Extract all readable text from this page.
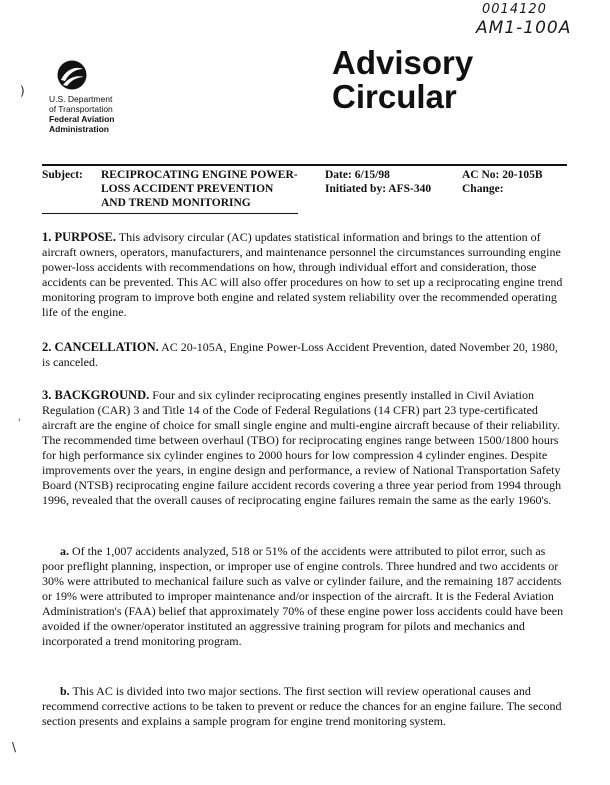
0014120
AM1-100A
)
'
\
U.S. Department
of Transportation
Federal Aviation
Administration
Advisory
Circular
Subject: RECIPROCATING ENGINE POWER-
LOSS ACCIDENT PREVENTION
AND TREND MONITORING
Date: 6/15/98
Initiated by: AFS-340
AC No: 20-105B
Change:
1. PURPOSE. This advisory circular (AC) updates statistical information and brings to the attention of aircraft owners, operators, manufacturers, and maintenance personnel the circumstances surrounding engine power-loss accidents with recommendations on how, through individual effort and consideration, those accidents can be prevented. This AC will also offer procedures on how to set up a reciprocating engine trend monitoring program to improve both engine and related system reliability over the recommended operating life of the engine.
2. CANCELLATION. AC 20-105A, Engine Power-Loss Accident Prevention, dated November 20, 1980, is canceled.
3. BACKGROUND. Four and six cylinder reciprocating engines presently installed in Civil Aviation Regulation (CAR) 3 and Title 14 of the Code of Federal Regulations (14 CFR) part 23 type-certificated aircraft are the engine of choice for small single engine and multi-engine aircraft because of their reliability. The recommended time between overhaul (TBO) for reciprocating engines range between 1500/1800 hours for high performance six cylinder engines to 2000 hours for low compression 4 cylinder engines. Despite improvements over the years, in engine design and performance, a review of National Transportation Safety Board (NTSB) reciprocating engine failure accident records covering a three year period from 1994 through 1996, revealed that the overall causes of reciprocating engine failures remain the same as the early 1960's.
a. Of the 1,007 accidents analyzed, 518 or 51% of the accidents were attributed to pilot error, such as poor preflight planning, inspection, or improper use of engine controls. Three hundred and two accidents or 30% were attributed to mechanical failure such as valve or cylinder failure, and the remaining 187 accidents or 19% were attributed to improper maintenance and/or inspection of the aircraft. It is the Federal Aviation Administration's (FAA) belief that approximately 70% of these engine power loss accidents could have been avoided if the owner/operator instituted an aggressive training program for pilots and mechanics and incorporated a trend monitoring program.
b. This AC is divided into two major sections. The first section will review operational causes and recommend corrective actions to be taken to prevent or reduce the chances for an engine failure. The second section presents and explains a sample program for engine trend monitoring system.
